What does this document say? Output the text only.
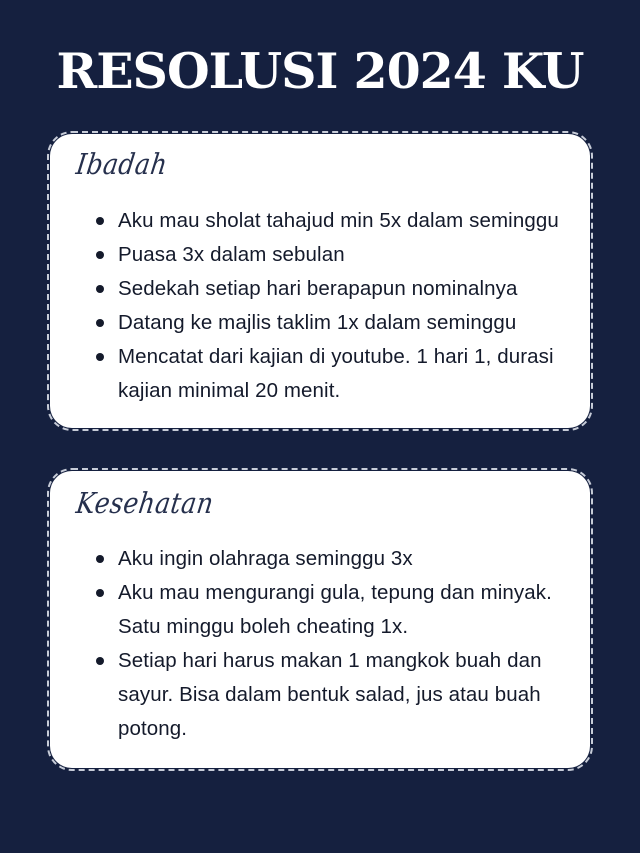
RESOLUSI 2024 KU
Ibadah
Aku mau sholat tahajud min 5x dalam seminggu
Puasa 3x dalam sebulan
Sedekah setiap hari berapapun nominalnya
Datang ke majlis taklim 1x dalam seminggu
Mencatat dari kajian di youtube. 1 hari 1, durasi kajian minimal 20 menit.
Kesehatan
Aku ingin olahraga seminggu 3x
Aku mau mengurangi gula, tepung dan minyak. Satu minggu boleh cheating 1x.
Setiap hari harus makan 1 mangkok buah dan sayur. Bisa dalam bentuk salad, jus atau buah potong.
